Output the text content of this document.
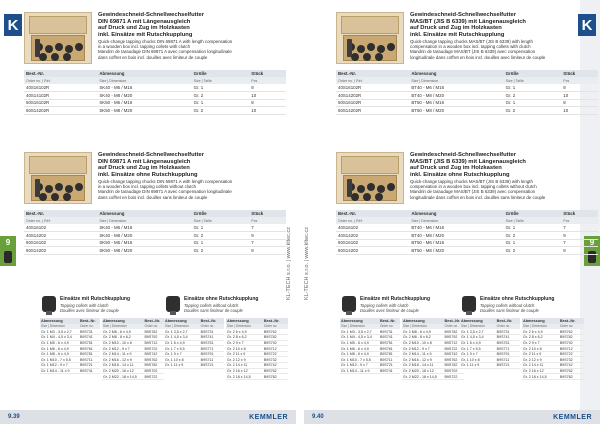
K
9	KL-TECH s.r.o. | www.kltec.cz
9.39	KEMMLER
K
9
KL-TECH s.r.o. | www.kltec.cz
9.40	KEMMLER
Gewindeschneid-Schnellwechselfutter
DIN 69871 A mit Längenausgleich
auf Druck und Zug im Holzkasten
inkl. Einsätze mit Rutschkupplung
Quick-change tapping chucks DIN 69871 A with length compensation
in a wooden box incl. tapping collets with clutch
Mandrin de taraudage DIN 69871 A avec compensation longitudinale
dans coffret en bois incl. douilles avec limiteur de couple
Best.-Nr.	Abmessung	Größe	Stück
Order no. | Réf.	Size | Dimension	Size | Taille	Pcs
40S16102R	SK40 - M6 / M16	Gr. 1	8
40S14102R	SK40 - M8 / M20	Gr. 2	10
50S16102R	SK50 - M6 / M16	Gr. 1	8
50S14202R	SK50 - M8 / M20	Gr. 2	10
Gewindeschneid-Schnellwechselfutter
DIN 69871 A mit Längenausgleich
auf Druck und Zug im Holzkasten
inkl. Einsätze ohne Rutschkupplung
Quick-change tapping chucks DIN 69871 A with length compensation
in a wooden box incl. tapping collets without clutch
Mandrin de taraudage DIN 69871 A avec compensation longitudinale
dans coffret en bois incl. douilles sans limiteur de couple
Best.-Nr.	Abmessung	Größe	Stück
Order no. | Réf.	Size | Dimension	Size | Taille	Pcs
40S16102	SK40 - M6 / M16	Gr. 1	7
40S14202	SK40 - M8 / M20	Gr. 2	9
50S16102	SK50 - M6 / M16	Gr. 1	7
50S14202	SK50 - M8 / M20	Gr. 2	9
Einsätze mit Rutschkupplung
Tapping collets with clutch
Douilles avec limiteur de couple
Abmessung	Best.-Nr.
Size | Dimension	Order no.
Gr. 1 M3 - 3,5 x 2,7	B9S731
Gr. 1 M4 - 4,5 x 3,4	B9S741
Gr. 1 M5 - 6 x 4,9	B9S751
Gr. 1 M6 - 6 x 4,9	B9S761
Gr. 1 M8 - 6 x 4,9	B9S781
Gr. 1 M10 - 7 x 5,5	B9S711
Gr. 1 M12 - 9 x 7	B9S721
Gr. 1 M14 - 11 x 9	B9S741
Abmessung	Best.-Nr.
Size | Dimension	Order no.
Gr. 2 M8 - 6 x 4,9	B9S782
Gr. 2 M8 - 8 x 6,2	B9S792
Gr. 2 M10 - 10 x 8	B9S712
Gr. 2 M12 - 9 x 7	B9S722
Gr. 2 M14 - 11 x 9	B9S742
Gr. 2 M16 - 12 x 9	B9S762
Gr. 2 M18 - 14 x 11	B9S782
Gr. 2 M20 - 16 x 12	B9S702
Gr. 2 M22 - 18 x 14,5	B9S722
Einsätze ohne Rutschkupplung
Tapping collets without clutch
Douilles sans limiteur de couple
Abmessung	Best.-Nr.
Size | Dimension	Order no.
Gr. 1 3,5 x 2,7	B9S731
Gr. 1 4,5 x 3,4	B9S741
Gr. 1 6 x 4,9	B9S751
Gr. 1 7 x 5,5	B9S771
Gr. 1 9 x 7	B9S791
Gr. 1 10 x 8	B9S711
Gr. 1 11 x 9	B9S721
Abmessung	Best.-Nr.
Size | Dimension	Order no.
Gr. 2 6 x 4,9	B9S762
Gr. 2 8 x 6,2	B9S782
Gr. 2 9 x 7	B9S792
Gr. 2 10 x 8	B9S712
Gr. 2 11 x 9	B9S722
Gr. 2 12 x 9	B9S732
Gr. 2 14 x 11	B9S742
Gr. 2 16 x 12	B9S762
Gr. 2 18 x 14,5	B9S782
Gewindeschneid-Schnellwechselfutter
MAS/BT (JIS B 6339) mit Längenausgleich
auf Druck und Zug im Holzkasten
inkl. Einsätze mit Rutschkupplung
Quick-change tapping chucks MAS/BT (JIS B 6339) with length
compensation in a wooden box incl. tapping collets with clutch
Mandrin de taraudage MAS/BT (JIS B 6339) avec compensation
longitudinale dans coffret en bois incl. douilles avec limiteur de couple
Best.-Nr.	Abmessung	Größe	Stück
Order no. | Réf.	Size | Dimension	Size | Taille	Pcs
40S16102R	BT40 - M6 / M16	Gr. 1	8
40S14202R	BT40 - M8 / M20	Gr. 2	10
50S16102R	BT50 - M6 / M16	Gr. 1	8
50S14202R	BT50 - M8 / M20	Gr. 2	10
Gewindeschneid-Schnellwechselfutter
MAS/BT (JIS B 6339) mit Längenausgleich
auf Druck und Zug im Holzkasten
inkl. Einsätze ohne Rutschkupplung
Quick-change tapping chucks MAS/BT (JIS B 6339) with length
compensation in a wooden box incl. tapping collets without clutch
Mandrin de taraudage MAS/BT (JIS B 6339) avec compensation
longitudinale dans coffret en bois incl. douilles sans limiteur de couple
Best.-Nr.	Abmessung	Größe	Stück
Order no. | Réf.	Size | Dimension	Size | Taille	Pcs
40S16102	BT40 - M6 / M16	Gr. 1	7
40S14202	BT40 - M8 / M20	Gr. 2	9
50S16102	BT50 - M6 / M16	Gr. 1	7
50S14202	BT50 - M8 / M20	Gr. 2	9
Einsätze mit Rutschkupplung
Tapping collets with clutch
Douilles avec limiteur de couple
Abmessung	Best.-Nr.
Size | Dimension	Order no.
Gr. 1 M3 - 3,5 x 2,7	B9S731
Gr. 1 M4 - 4,5 x 3,4	B9S741
Gr. 1 M5 - 6 x 4,9	B9S751
Gr. 1 M6 - 6 x 4,9	B9S761
Gr. 1 M8 - 6 x 4,9	B9S781
Gr. 1 M10 - 7 x 5,5	B9S711
Gr. 1 M12 - 9 x 7	B9S721
Gr. 1 M14 - 11 x 9	B9S741
Abmessung	Best.-Nr.
Size | Dimension	Order no.
Gr. 2 M8 - 6 x 4,9	B9S782
Gr. 2 M8 - 8 x 6,2	B9S792
Gr. 2 M10 - 10 x 8	B9S712
Gr. 2 M12 - 9 x 7	B9S722
Gr. 2 M14 - 11 x 9	B9S742
Gr. 2 M16 - 12 x 9	B9S762
Gr. 2 M18 - 14 x 11	B9S782
Gr. 2 M20 - 16 x 12	B9S702
Gr. 2 M22 - 18 x 14,5	B9S722
Einsätze ohne Rutschkupplung
Tapping collets without clutch
Douilles sans limiteur de couple
Abmessung	Best.-Nr.
Size | Dimension	Order no.
Gr. 1 3,5 x 2,7	B9S731
Gr. 1 4,5 x 3,4	B9S741
Gr. 1 6 x 4,9	B9S751
Gr. 1 7 x 5,5	B9S771
Gr. 1 9 x 7	B9S791
Gr. 1 10 x 8	B9S711
Gr. 1 11 x 9	B9S721
Abmessung	Best.-Nr.
Size | Dimension	Order no.
Gr. 2 6 x 4,9	B9S762
Gr. 2 8 x 6,2	B9S782
Gr. 2 9 x 7	B9S792
Gr. 2 10 x 8	B9S712
Gr. 2 11 x 9	B9S722
Gr. 2 12 x 9	B9S732
Gr. 2 14 x 11	B9S742
Gr. 2 16 x 12	B9S762
Gr. 2 18 x 14,5	B9S782
